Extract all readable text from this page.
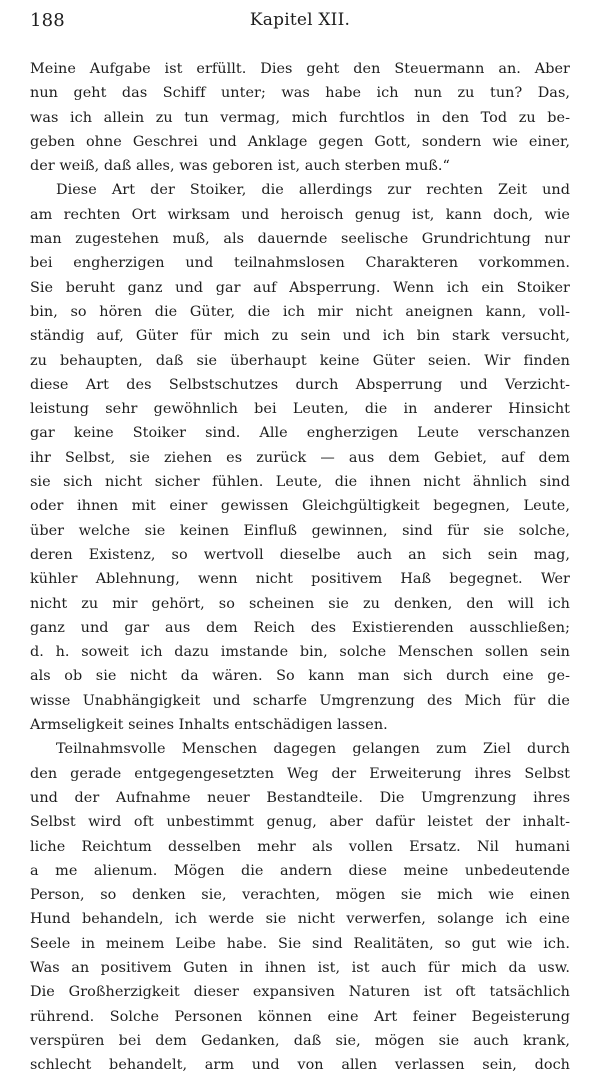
188	Kapitel XII.
Meine Aufgabe ist erfüllt. Dies geht den Steuermann an. Aber
nun geht das Schiff unter; was habe ich nun zu tun? Das,
was ich allein zu tun vermag, mich furchtlos in den Tod zu be-
geben ohne Geschrei und Anklage gegen Gott, sondern wie einer,
der weiß, daß alles, was geboren ist, auch sterben muß.“
Diese Art der Stoiker, die allerdings zur rechten Zeit und
am rechten Ort wirksam und heroisch genug ist, kann doch, wie
man zugestehen muß, als dauernde seelische Grundrichtung nur
bei engherzigen und teilnahmslosen Charakteren vorkommen.
Sie beruht ganz und gar auf Absperrung. Wenn ich ein Stoiker
bin, so hören die Güter, die ich mir nicht aneignen kann, voll-
ständig auf, Güter für mich zu sein und ich bin stark versucht,
zu behaupten, daß sie überhaupt keine Güter seien. Wir finden
diese Art des Selbstschutzes durch Absperrung und Verzicht-
leistung sehr gewöhnlich bei Leuten, die in anderer Hinsicht
gar keine Stoiker sind. Alle engherzigen Leute verschanzen
ihr Selbst, sie ziehen es zurück — aus dem Gebiet, auf dem
sie sich nicht sicher fühlen. Leute, die ihnen nicht ähnlich sind
oder ihnen mit einer gewissen Gleichgültigkeit begegnen, Leute,
über welche sie keinen Einfluß gewinnen, sind für sie solche,
deren Existenz, so wertvoll dieselbe auch an sich sein mag,
kühler Ablehnung, wenn nicht positivem Haß begegnet. Wer
nicht zu mir gehört, so scheinen sie zu denken, den will ich
ganz und gar aus dem Reich des Existierenden ausschließen;
d. h. soweit ich dazu imstande bin, solche Menschen sollen sein
als ob sie nicht da wären. So kann man sich durch eine ge-
wisse Unabhängigkeit und scharfe Umgrenzung des Mich für die
Armseligkeit seines Inhalts entschädigen lassen.
Teilnahmsvolle Menschen dagegen gelangen zum Ziel durch
den gerade entgegengesetzten Weg der Erweiterung ihres Selbst
und der Aufnahme neuer Bestandteile. Die Umgrenzung ihres
Selbst wird oft unbestimmt genug, aber dafür leistet der inhalt-
liche Reichtum desselben mehr als vollen Ersatz. Nil humani
a me alienum. Mögen die andern diese meine unbedeutende
Person, so denken sie, verachten, mögen sie mich wie einen
Hund behandeln, ich werde sie nicht verwerfen, solange ich eine
Seele in meinem Leibe habe. Sie sind Realitäten, so gut wie ich.
Was an positivem Guten in ihnen ist, ist auch für mich da usw.
Die Großherzigkeit dieser expansiven Naturen ist oft tatsächlich
rührend. Solche Personen können eine Art feiner Begeisterung
verspüren bei dem Gedanken, daß sie, mögen sie auch krank,
schlecht behandelt, arm und von allen verlassen sein, doch
